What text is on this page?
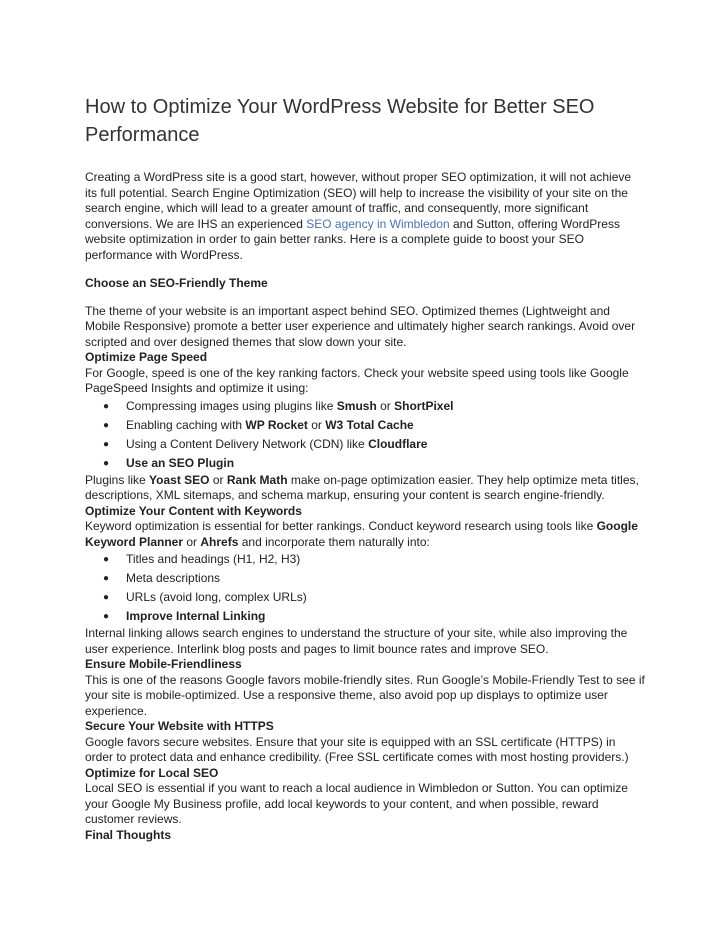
How to Optimize Your WordPress Website for Better SEO Performance

Creating a WordPress site is a good start, however, without proper SEO optimization, it will not achieve its full potential. Search Engine Optimization (SEO) will help to increase the visibility of your site on the search engine, which will lead to a greater amount of traffic, and consequently, more significant conversions. We are IHS an experienced SEO agency in Wimbledon and Sutton, offering WordPress website optimization in order to gain better ranks. Here is a complete guide to boost your SEO performance with WordPress.

Choose an SEO-Friendly Theme

The theme of your website is an important aspect behind SEO. Optimized themes (Lightweight and Mobile Responsive) promote a better user experience and ultimately higher search rankings. Avoid over scripted and over designed themes that slow down your site.

Optimize Page Speed

For Google, speed is one of the key ranking factors. Check your website speed using tools like Google PageSpeed Insights and optimize it using:

● Compressing images using plugins like Smush or ShortPixel
● Enabling caching with WP Rocket or W3 Total Cache
● Using a Content Delivery Network (CDN) like Cloudflare
● Use an SEO Plugin

Plugins like Yoast SEO or Rank Math make on-page optimization easier. They help optimize meta titles, descriptions, XML sitemaps, and schema markup, ensuring your content is search engine-friendly.

Optimize Your Content with Keywords

Keyword optimization is essential for better rankings. Conduct keyword research using tools like Google Keyword Planner or Ahrefs and incorporate them naturally into:

● Titles and headings (H1, H2, H3)
● Meta descriptions
● URLs (avoid long, complex URLs)
● Improve Internal Linking

Internal linking allows search engines to understand the structure of your site, while also improving the user experience. Interlink blog posts and pages to limit bounce rates and improve SEO.

Ensure Mobile-Friendliness

This is one of the reasons Google favors mobile-friendly sites. Run Google’s Mobile-Friendly Test to see if your site is mobile-optimized. Use a responsive theme, also avoid pop up displays to optimize user experience.

Secure Your Website with HTTPS

Google favors secure websites. Ensure that your site is equipped with an SSL certificate (HTTPS) in order to protect data and enhance credibility. (Free SSL certificate comes with most hosting providers.)

Optimize for Local SEO

Local SEO is essential if you want to reach a local audience in Wimbledon or Sutton. You can optimize your Google My Business profile, add local keywords to your content, and when possible, reward customer reviews.

Final Thoughts
